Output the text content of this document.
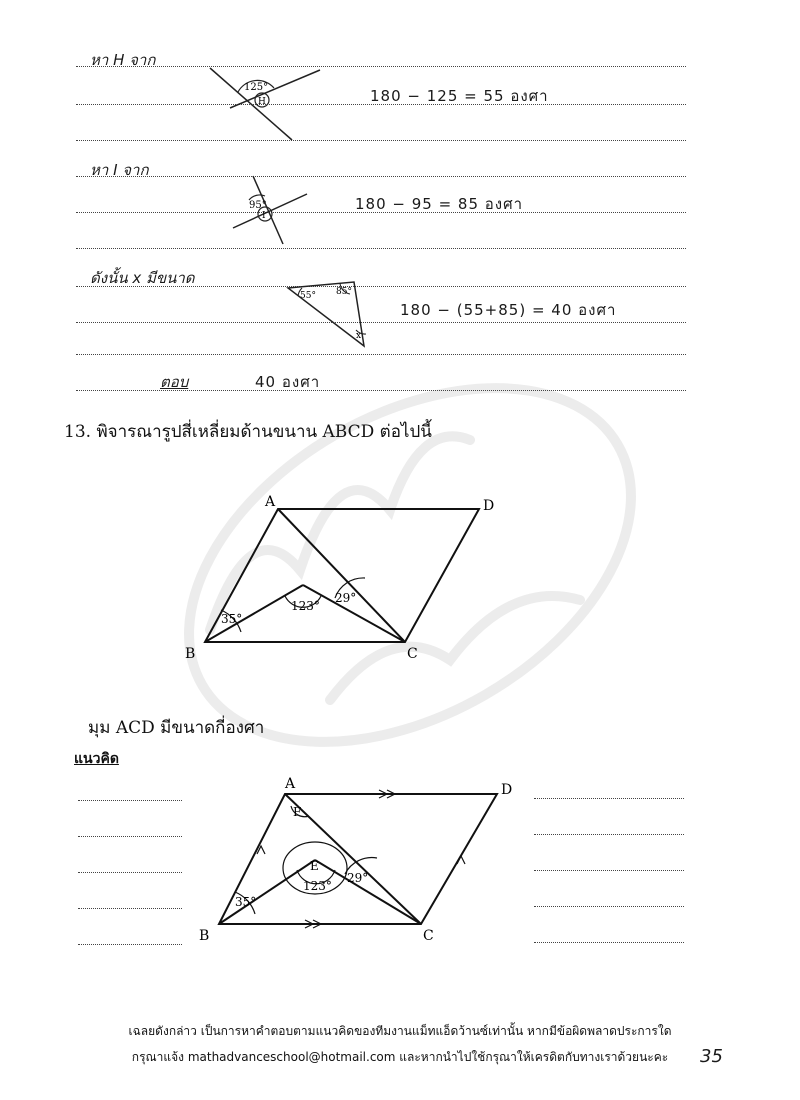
หา H จาก
125°
H	180 − 125 = 55 องศา
หา I จาก
95°
I
180 − 95 = 85 องศา
ดังนั้น x มีขนาด
55° 85°
x
180 − (55+85) = 40 องศา
ตอบ	40 องศา
13. พิจารณารูปสี่เหลี่ยมด้านขนาน ABCD ต่อไปนี้
A	D
B	C
35°
123°
29°
มุม ACD มีขนาดกี่องศา
แนวคิด
A	D
B	C
35°
123°
29°
F
E
เฉลยดังกล่าว เป็นการหาคำตอบตามแนวคิดของทีมงานแม็ทแอ็ดว้านซ์เท่านั้น หากมีข้อผิดพลาดประการใด
กรุณาแจ้ง mathadvanceschool@hotmail.com และหากนำไปใช้กรุณาให้เครดิตกับทางเราด้วยนะคะ	35
